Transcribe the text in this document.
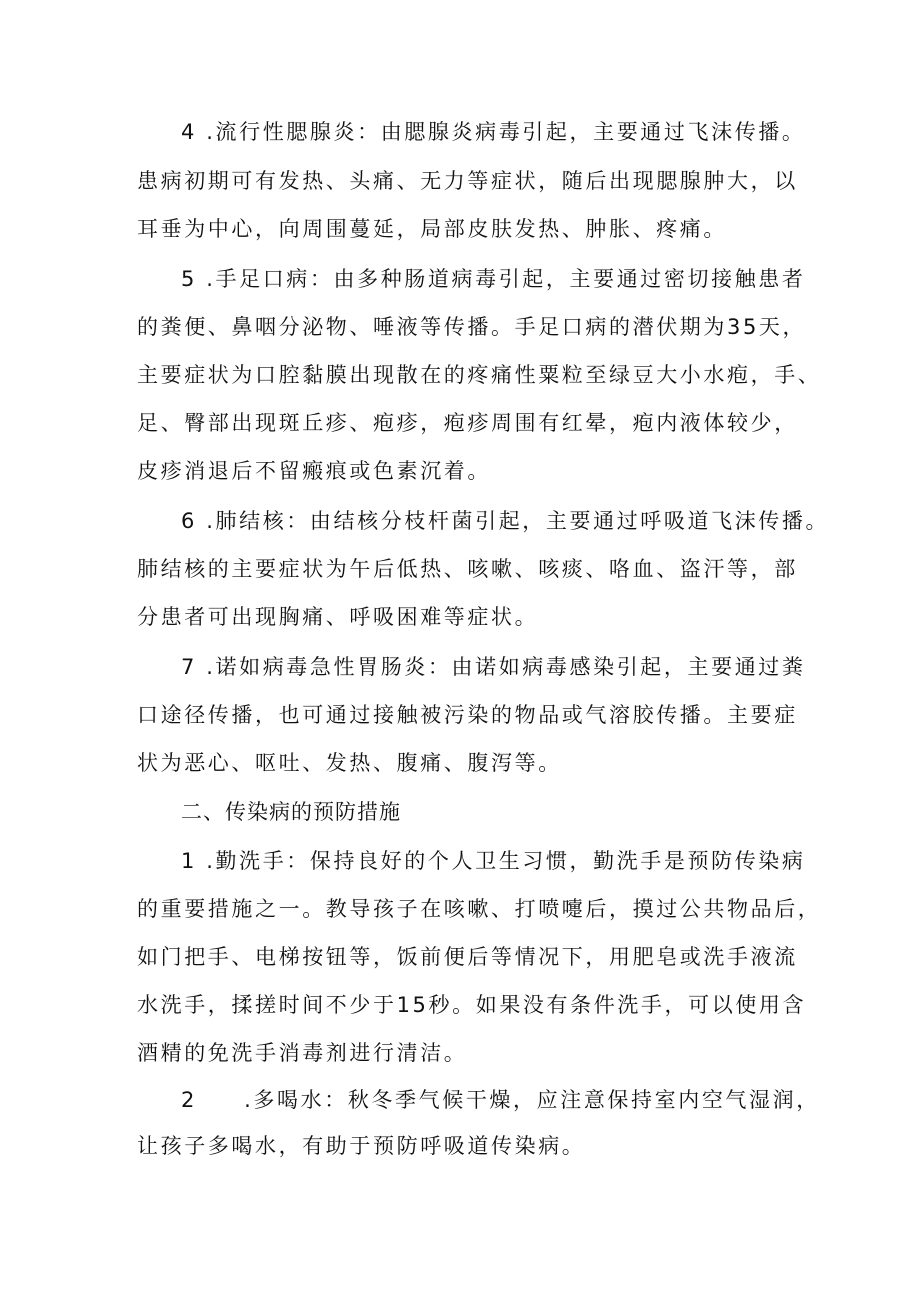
4 .流行性腮腺炎：由腮腺炎病毒引起，主要通过飞沫传播。
患病初期可有发热、头痛、无力等症状，随后出现腮腺肿大，以
耳垂为中心，向周围蔓延，局部皮肤发热、肿胀、疼痛。
5 .手足口病：由多种肠道病毒引起，主要通过密切接触患者
的粪便、鼻咽分泌物、唾液等传播。手足口病的潜伏期为35天，
主要症状为口腔黏膜出现散在的疼痛性粟粒至绿豆大小水疱，手、
足、臀部出现斑丘疹、疱疹，疱疹周围有红晕，疱内液体较少，
皮疹消退后不留瘢痕或色素沉着。
6 .肺结核：由结核分枝杆菌引起，主要通过呼吸道飞沫传播。
肺结核的主要症状为午后低热、咳嗽、咳痰、咯血、盗汗等，部
分患者可出现胸痛、呼吸困难等症状。
7 .诺如病毒急性胃肠炎：由诺如病毒感染引起，主要通过粪
口途径传播，也可通过接触被污染的物品或气溶胶传播。主要症
状为恶心、呕吐、发热、腹痛、腹泻等。
二、传染病的预防措施
1 .勤洗手：保持良好的个人卫生习惯，勤洗手是预防传染病
的重要措施之一。教导孩子在咳嗽、打喷嚏后，摸过公共物品后，
如门把手、电梯按钮等，饭前便后等情况下，用肥皂或洗手液流
水洗手，揉搓时间不少于15秒。如果没有条件洗手，可以使用含
酒精的免洗手消毒剂进行清洁。
2　　.多喝水：秋冬季气候干燥，应注意保持室内空气湿润，
让孩子多喝水，有助于预防呼吸道传染病。
